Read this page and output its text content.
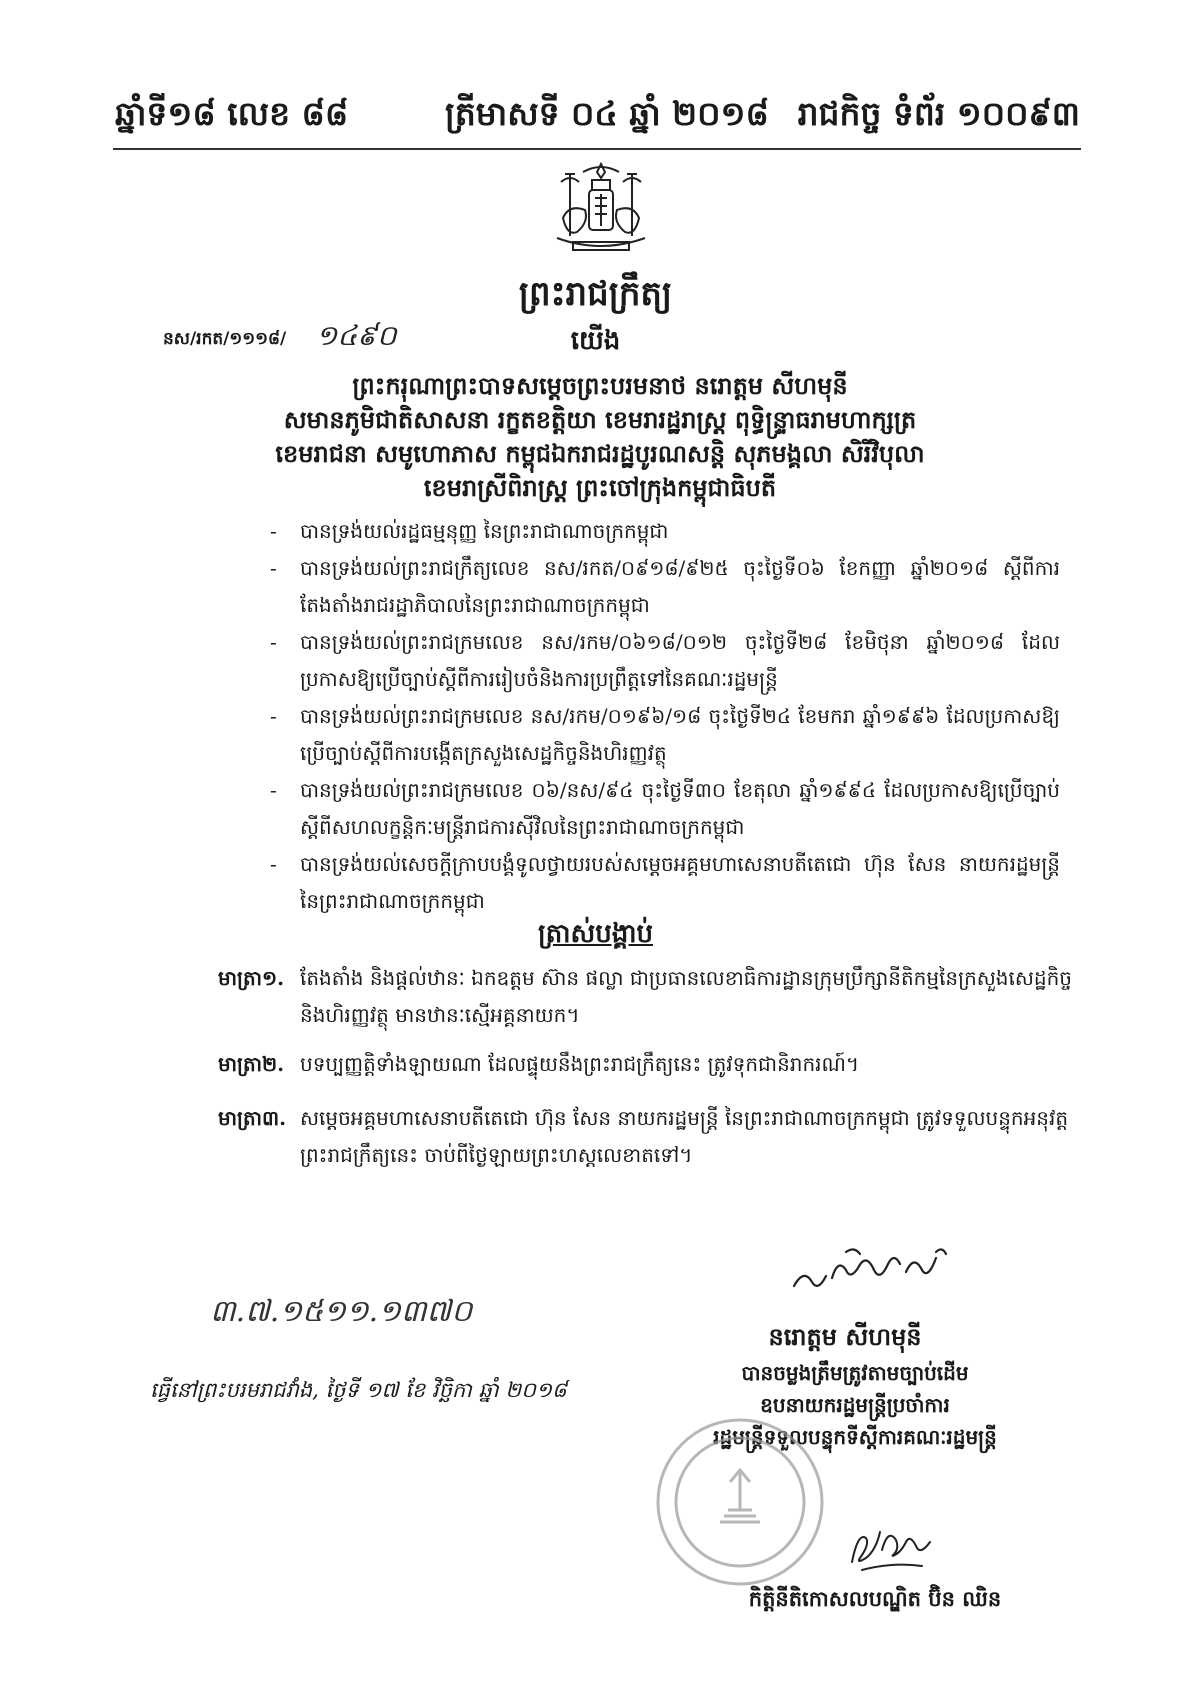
ឆ្នាំទី១៨ លេខ ៨៨	ត្រីមាសទី ០៤ ឆ្នាំ ២០១៨ រាជកិច្ច ទំព័រ ១០០៩៣
ព្រះរាជក្រឹត្យ
នស/រកត/១១១៨/ ១៤៩០	យើង
ព្រះករុណាព្រះបាទសម្តេចព្រះបរមនាថ នរោត្តម សីហមុនី
សមានភូមិជាតិសាសនា រក្ខតខត្តិយា ខេមរារដ្ឋរាស្ត្រ ពុទ្ធិន្ទ្រាធរាមហាក្សត្រ
ខេមរាជនា សមូហោភាស កម្ពុជឯករាជរដ្ឋបូរណសន្តិ សុភមង្គលា សិរីវិបុលា
ខេមរាស្រីពិរាស្ត្រ ព្រះចៅក្រុងកម្ពុជាធិបតី
- បានទ្រង់យល់រដ្ឋធម្មនុញ្ញ នៃព្រះរាជាណាចក្រកម្ពុជា
- បានទ្រង់យល់ព្រះរាជក្រឹត្យលេខ នស/រកត/០៩១៨/៩២៥ ចុះថ្ងៃទី០៦ ខែកញ្ញា ឆ្នាំ២០១៨ ស្តីពីការតែងតាំងរាជរដ្ឋាភិបាលនៃព្រះរាជាណាចក្រកម្ពុជា
- បានទ្រង់យល់ព្រះរាជក្រមលេខ នស/រកម/០៦១៨/០១២ ចុះថ្ងៃទី២៨ ខែមិថុនា ឆ្នាំ២០១៨ ដែលប្រកាសឱ្យប្រើច្បាប់ស្តីពីការរៀបចំនិងការប្រព្រឹត្តទៅនៃគណៈរដ្ឋមន្ត្រី
- បានទ្រង់យល់ព្រះរាជក្រមលេខ នស/រកម/០១៩៦/១៨ ចុះថ្ងៃទី២៤ ខែមករា ឆ្នាំ១៩៩៦ ដែលប្រកាសឱ្យប្រើច្បាប់ស្តីពីការបង្កើតក្រសួងសេដ្ឋកិច្ចនិងហិរញ្ញវត្ថុ
- បានទ្រង់យល់ព្រះរាជក្រមលេខ ០៦/នស/៩៤ ចុះថ្ងៃទី៣០ ខែតុលា ឆ្នាំ១៩៩៤ ដែលប្រកាសឱ្យប្រើច្បាប់ស្តីពីសហលក្ខន្តិកៈមន្ត្រីរាជការស៊ីវិលនៃព្រះរាជាណាចក្រកម្ពុជា
- បានទ្រង់យល់សេចក្តីក្រាបបង្គំទូលថ្វាយរបស់សម្តេចអគ្គមហាសេនាបតីតេជោ ហ៊ុន សែន នាយករដ្ឋមន្ត្រីនៃព្រះរាជាណាចក្រកម្ពុជា
ត្រាស់បង្គាប់
មាត្រា១. តែងតាំង និងផ្តល់ឋានៈ ឯកឧត្តម ស៊ាន ផល្លា ជាប្រធានលេខាធិការដ្ឋានក្រុមប្រឹក្សានីតិកម្មនៃក្រសួងសេដ្ឋកិច្ច និងហិរញ្ញវត្ថុ មានឋានៈស្មើអគ្គនាយក។
មាត្រា២. បទប្បញ្ញត្តិទាំងឡាយណា ដែលផ្ទុយនឹងព្រះរាជក្រឹត្យនេះ ត្រូវទុកជានិរាករណ៍។
មាត្រា៣. សម្តេចអគ្គមហាសេនាបតីតេជោ ហ៊ុន សែន នាយករដ្ឋមន្ត្រី នៃព្រះរាជាណាចក្រកម្ពុជា ត្រូវទទួលបន្ទុកអនុវត្តព្រះរាជក្រឹត្យនេះ ចាប់ពីថ្ងៃឡាយព្រះហស្តលេខាតទៅ។
៣.៧.១៥១១.១៣៧០
ធ្វើនៅព្រះបរមរាជវាំង, ថ្ងៃទី ១៧ ខែ វិច្ឆិកា ឆ្នាំ ២០១៨
នរោត្តម សីហមុនី
បានចម្លងត្រឹមត្រូវតាមច្បាប់ដើម
ឧបនាយករដ្ឋមន្ត្រីប្រចាំការ
រដ្ឋមន្ត្រីទទួលបន្ទុកទីស្តីការគណៈរដ្ឋមន្ត្រី
កិត្តិនីតិកោសលបណ្ឌិត ប៊ិន ឈិន
